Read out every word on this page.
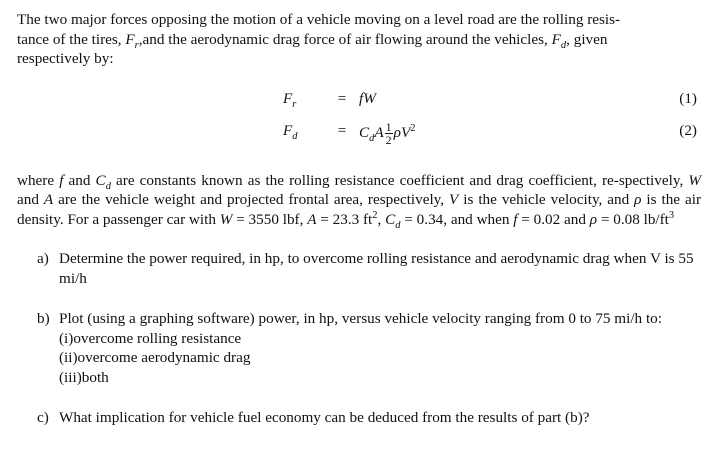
The two major forces opposing the motion of a vehicle moving on a level road are the rolling resis-
tance of the tires, $F_r,and$ the aerodynamic drag force of air flowing around the vehicles, $F_d$, given
respectively by:

$F_r$	= fW	(1)
$F_d$	= $C_dA \frac{1}{2} \rho V^2$	(2)

where f and $C_d$ are constants known as the rolling resistance coefficient and drag coefficient, re-spectively, W and A are the vehicle weight and projected frontal area, respectively, V is the vehicle velocity, and ρ is the air density. For a passenger car with W = 3550 lbf, A = 23.3 $ft^2$, $C_d = 0.34$, and when f = 0.02 and ρ = 0.08 $lb/ft^3$

a) Determine the power required, in hp, to overcome rolling resistance and aerodynamic drag when V is 55 mi/h

b) Plot (using a graphing software) power, in hp, versus vehicle velocity ranging from 0 to 75 mi/h to:

(i)overcome rolling resistance

(ii)overcome aerodynamic drag

(iii)both

c) What implication for vehicle fuel economy can be deduced from the results of part (b)?
